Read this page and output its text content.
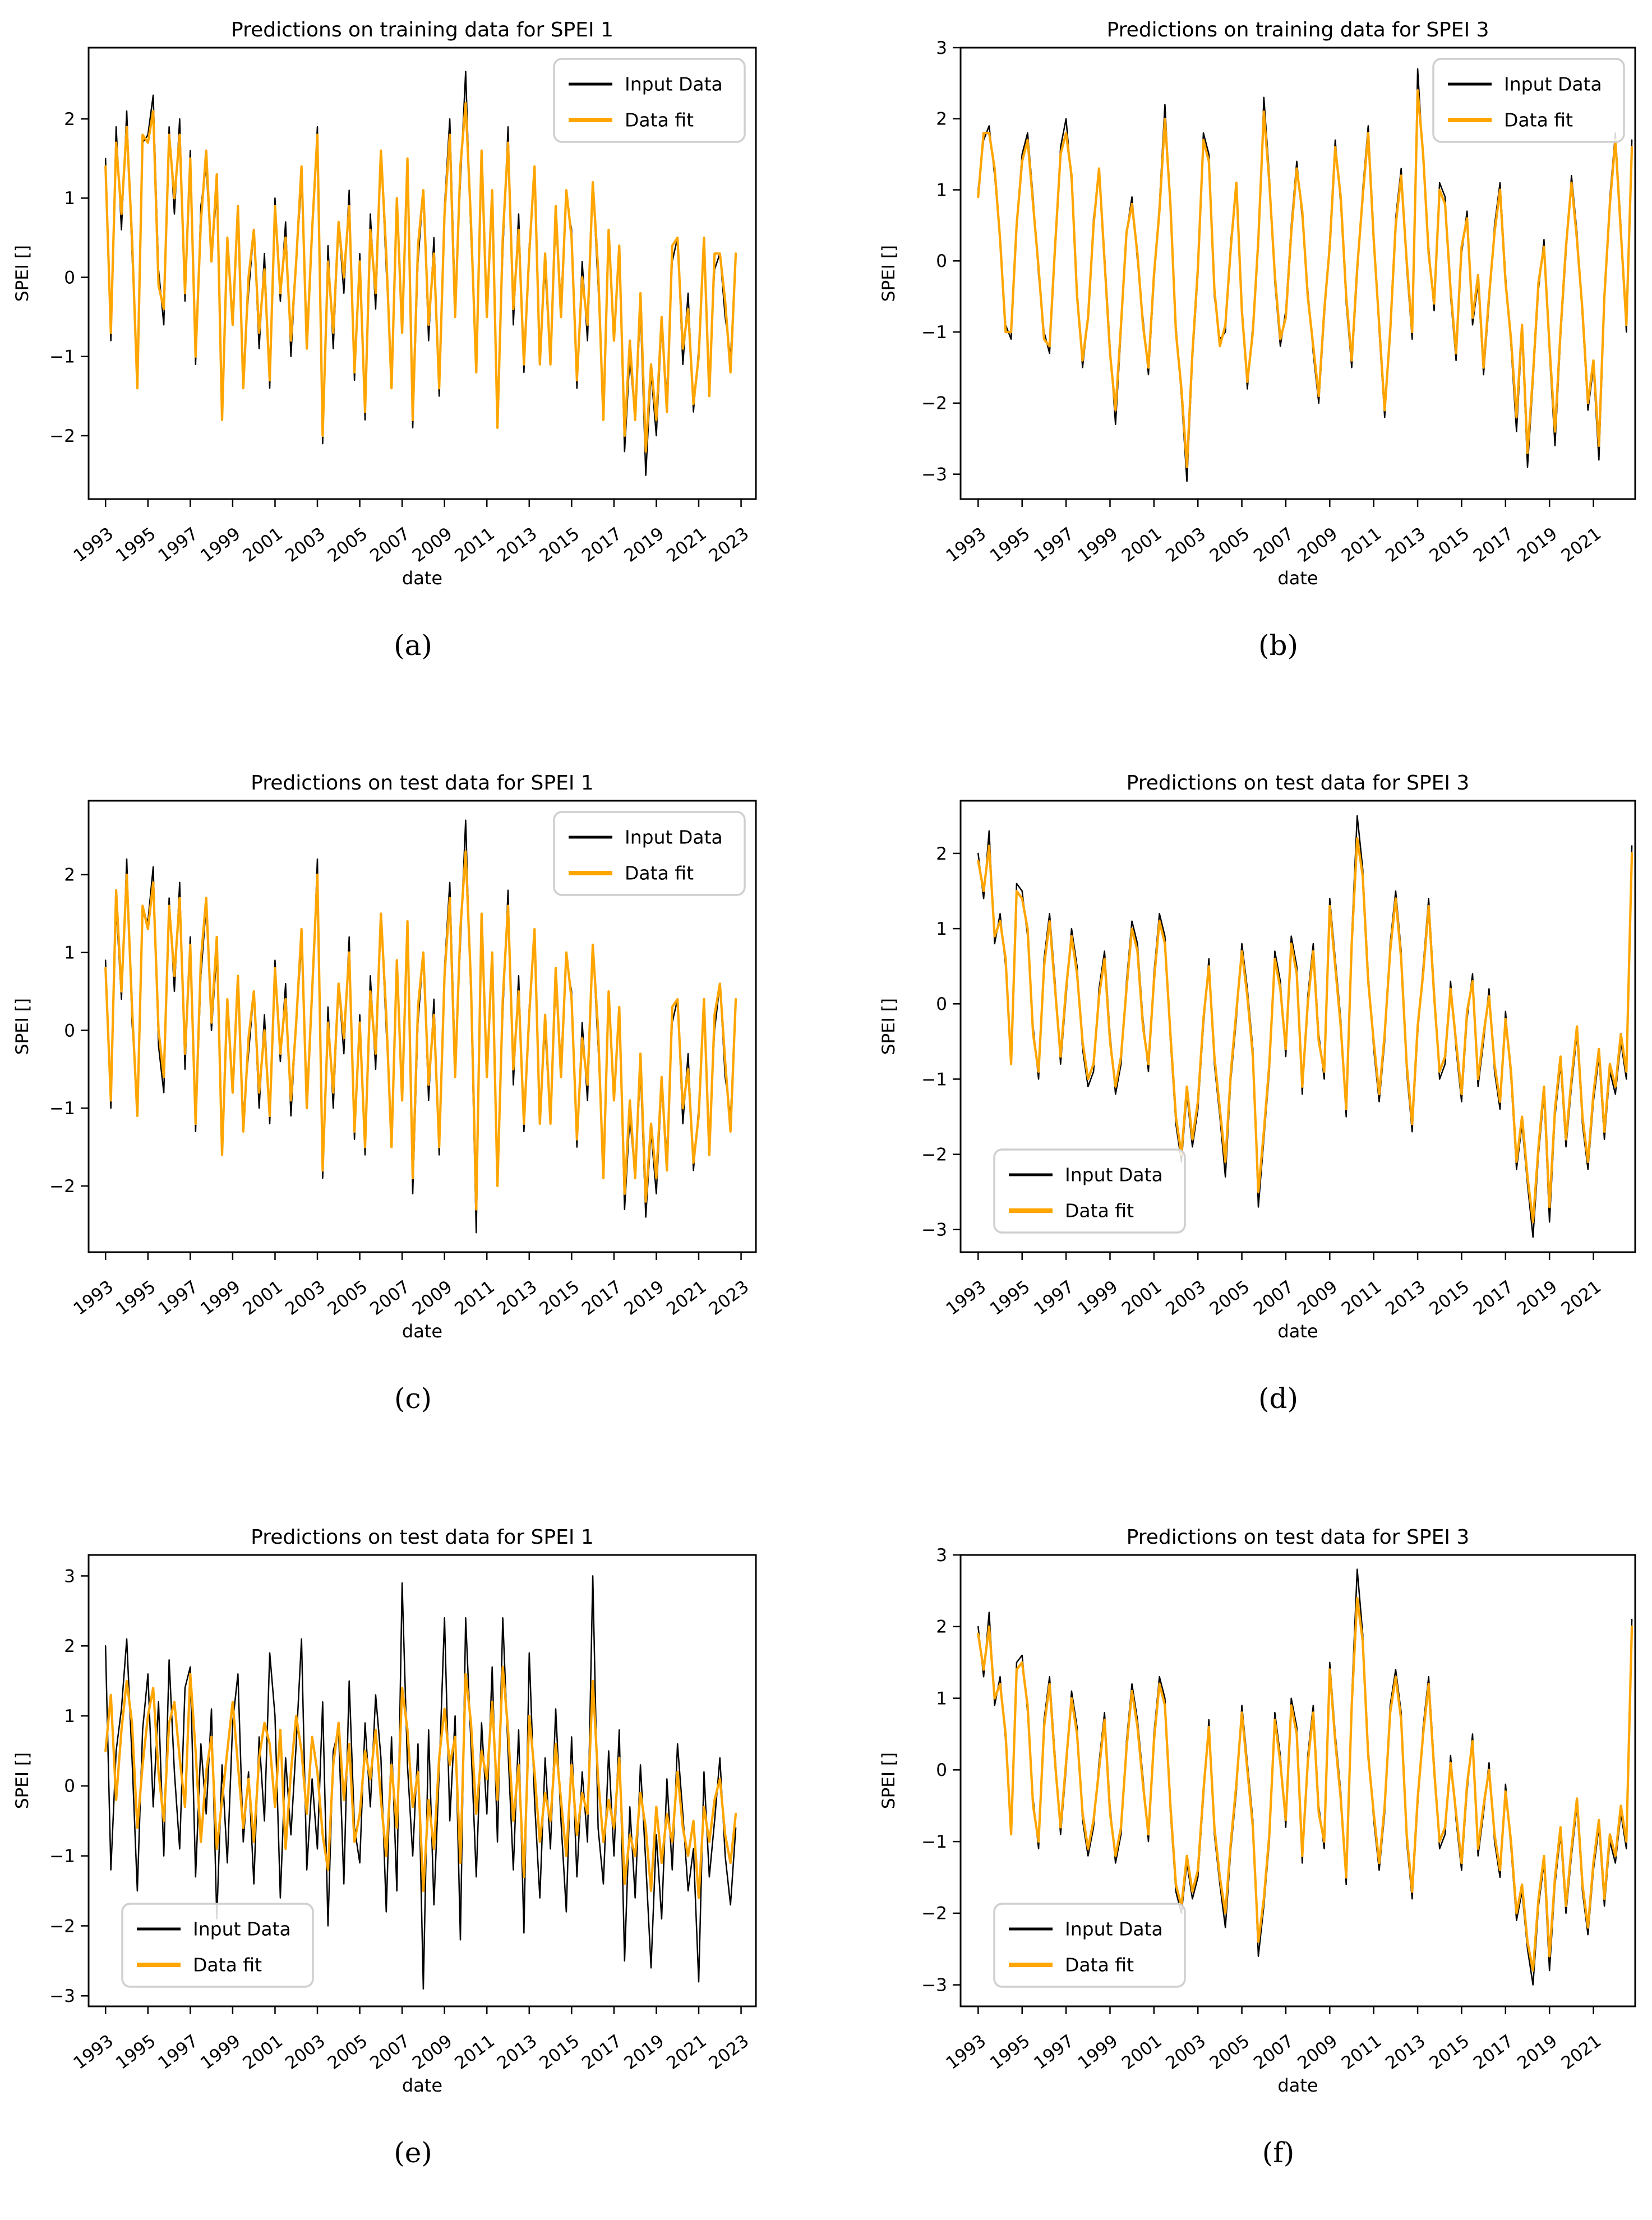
−2
−1
0
1
2
1993
1995
1997
1999
2001
2003
2005
2007
2009
2011
2013
2015
2017
2019
2021
2023
Predictions on training data for SPEI 1
date
SPEI []
Input Data
Data fit
(a)
−3
−2
−1
0
1
2
3
1993
1995
1997
1999
2001
2003
2005
2007
2009
2011
2013
2015
2017
2019
2021
Predictions on training data for SPEI 3
date
SPEI []
Input Data
Data fit
(b)
−2
−1
0
1
2
1993
1995
1997
1999
2001
2003
2005
2007
2009
2011
2013
2015
2017
2019
2021
2023
Predictions on test data for SPEI 1
date
SPEI []
Input Data
Data fit
(c)
−3
−2
−1
0
1
2
1993
1995
1997
1999
2001
2003
2005
2007
2009
2011
2013
2015
2017
2019
2021
Predictions on test data for SPEI 3
date
SPEI []
Input Data
Data fit
(d)
−3
−2
−1
0
1
2
3
1993
1995
1997
1999
2001
2003
2005
2007
2009
2011
2013
2015
2017
2019
2021
2023
Predictions on test data for SPEI 1
date
SPEI []
Input Data
Data fit
(e)
−3
−2
−1
0
1
2
3
1993
1995
1997
1999
2001
2003
2005
2007
2009
2011
2013
2015
2017
2019
2021
Predictions on test data for SPEI 3
date
SPEI []
Input Data
Data fit
(f)
